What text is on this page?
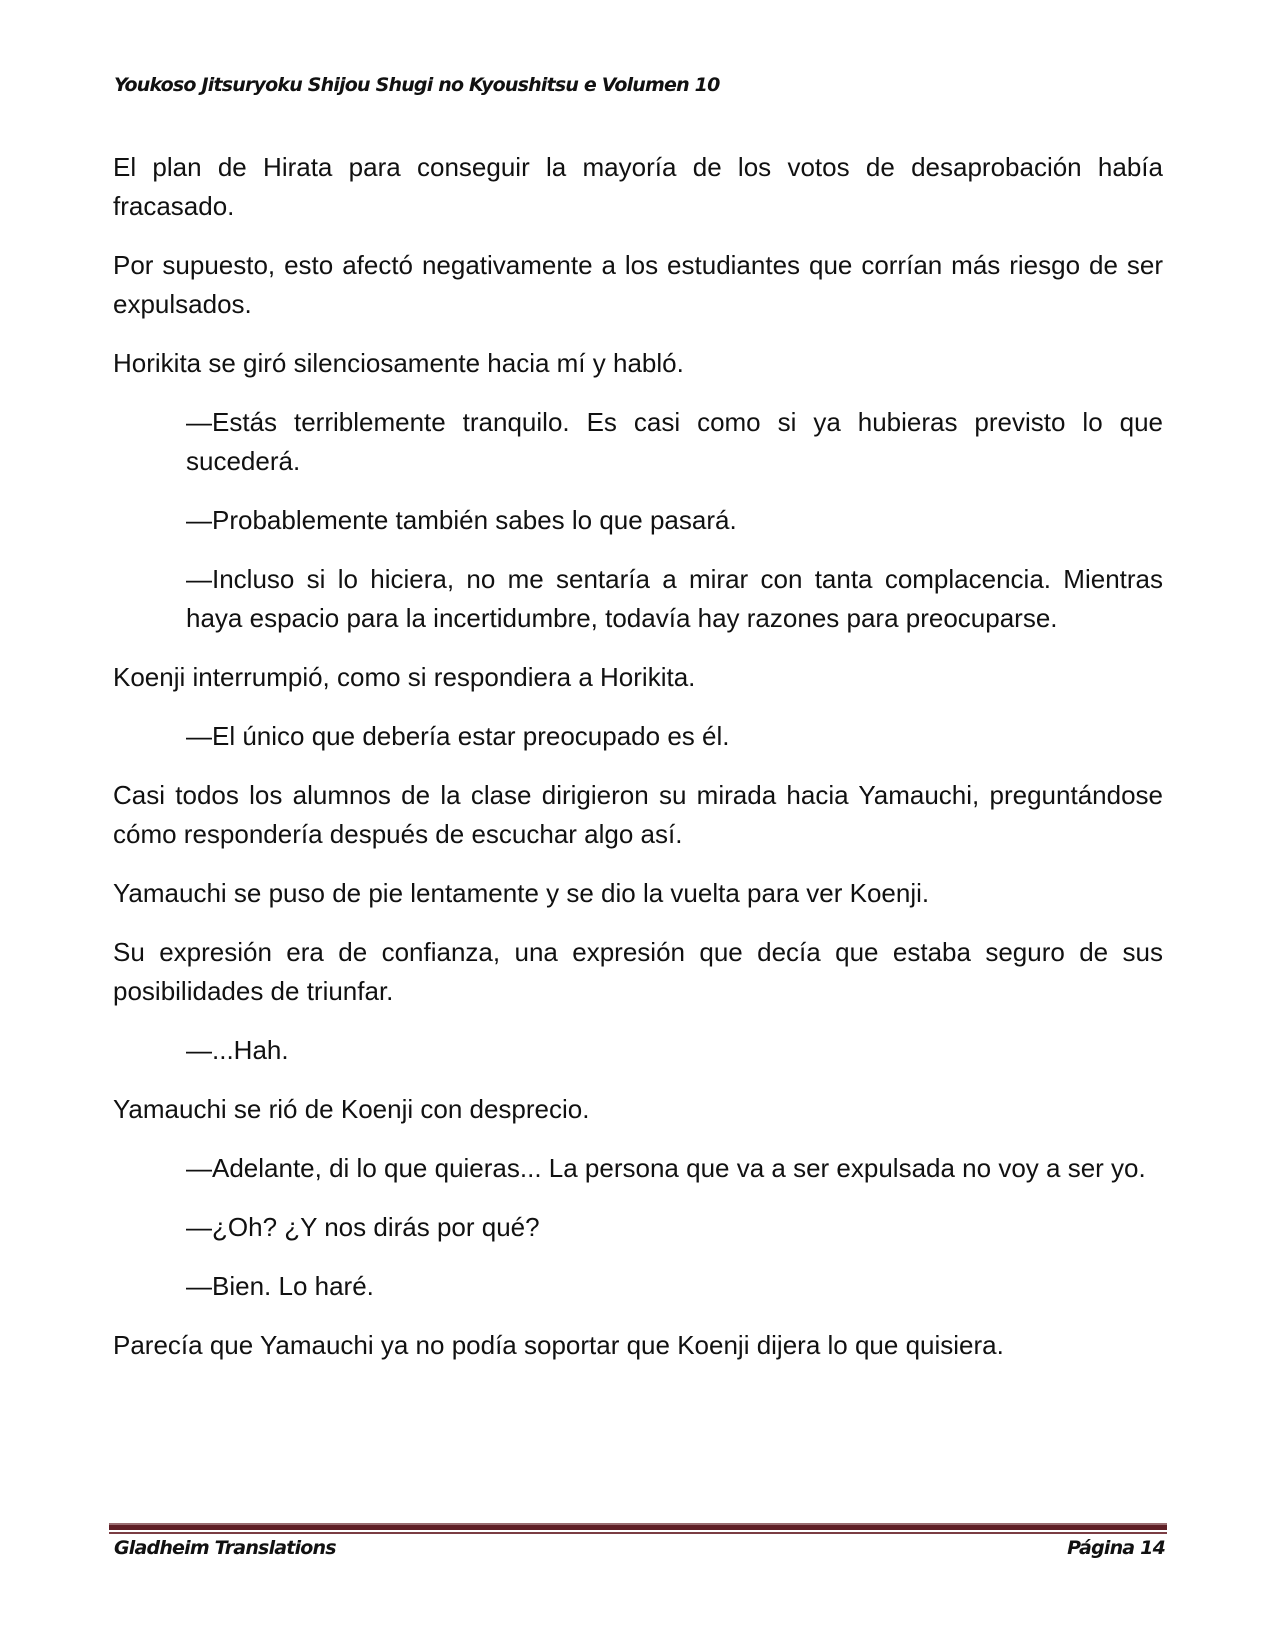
Youkoso Jitsuryoku Shijou Shugi no Kyoushitsu e Volumen 10

El plan de Hirata para conseguir la mayoría de los votos de desaprobación había fracasado.

Por supuesto, esto afectó negativamente a los estudiantes que corrían más riesgo de ser expulsados.

Horikita se giró silenciosamente hacia mí y habló.

—Estás terriblemente tranquilo. Es casi como si ya hubieras previsto lo que sucederá.

—Probablemente también sabes lo que pasará.

—Incluso si lo hiciera, no me sentaría a mirar con tanta complacencia. Mientras haya espacio para la incertidumbre, todavía hay razones para preocuparse.

Koenji interrumpió, como si respondiera a Horikita.

—El único que debería estar preocupado es él.

Casi todos los alumnos de la clase dirigieron su mirada hacia Yamauchi, preguntándose cómo respondería después de escuchar algo así.

Yamauchi se puso de pie lentamente y se dio la vuelta para ver Koenji.

Su expresión era de confianza, una expresión que decía que estaba seguro de sus posibilidades de triunfar.

—...Hah.

Yamauchi se rió de Koenji con desprecio.

—Adelante, di lo que quieras... La persona que va a ser expulsada no voy a ser yo.

—¿Oh? ¿Y nos dirás por qué?

—Bien. Lo haré.

Parecía que Yamauchi ya no podía soportar que Koenji dijera lo que quisiera.

Gladheim Translations	Página 14
